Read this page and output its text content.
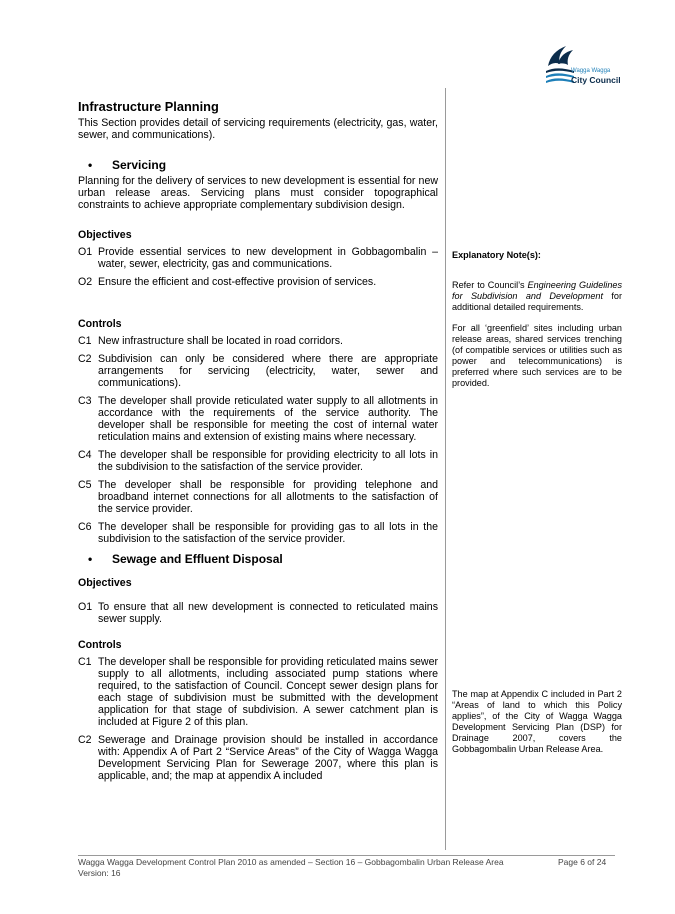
Wagga Wagga
City Council
Infrastructure Planning

This Section provides detail of servicing requirements (electricity, gas, water, sewer, and communications).

•	Servicing

Planning for the delivery of services to new development is essential for new urban release areas. Servicing plans must consider topographical constraints to achieve appropriate complementary subdivision design.

Objectives
O1 Provide essential services to new development in Gobbagombalin – water, sewer, electricity, gas and communications.
O2 Ensure the efficient and cost-effective provision of services.
Controls
C1 New infrastructure shall be located in road corridors.
C2 Subdivision can only be considered where there are appropriate arrangements for servicing (electricity, water, sewer and communications).
C3 The developer shall provide reticulated water supply to all allotments in accordance with the requirements of the service authority. The developer shall be responsible for meeting the cost of internal water reticulation mains and extension of existing mains where necessary.
C4 The developer shall be responsible for providing electricity to all lots in the subdivision to the satisfaction of the service provider.
C5 The developer shall be responsible for providing telephone and broadband internet connections for all allotments to the satisfaction of the service provider.
C6 The developer shall be responsible for providing gas to all lots in the subdivision to the satisfaction of the service provider.
•	Sewage and Effluent Disposal
Objectives
O1 To ensure that all new development is connected to reticulated mains sewer supply.
Controls
C1 The developer shall be responsible for providing reticulated mains sewer supply to all allotments, including associated pump stations where required, to the satisfaction of Council. Concept sewer design plans for each stage of subdivision must be submitted with the development application for that stage of subdivision. A sewer catchment plan is included at Figure 2 of this plan.
C2 Sewerage and Drainage provision should be installed in accordance with: Appendix A of Part 2 “Service Areas” of the City of Wagga Wagga Development Servicing Plan for Sewerage 2007, where this plan is applicable, and; the map at appendix A included
Explanatory Note(s):

Refer to Council’s Engineering Guidelines for Subdivision and Development for additional detailed requirements.

For all ‘greenfield’ sites including urban release areas, shared services trenching (of compatible services or utilities such as power and telecommunications) is preferred where such services are to be provided.

The map at Appendix C included in Part 2 “Areas of land to which this Policy applies”, of the City of Wagga Wagga Development Servicing Plan (DSP) for Drainage 2007, covers the Gobbagombalin Urban Release Area.

Wagga Wagga Development Control Plan 2010 as amended – Section 16 – Gobbagombalin Urban Release Area
Version: 16
Page 6 of 24
